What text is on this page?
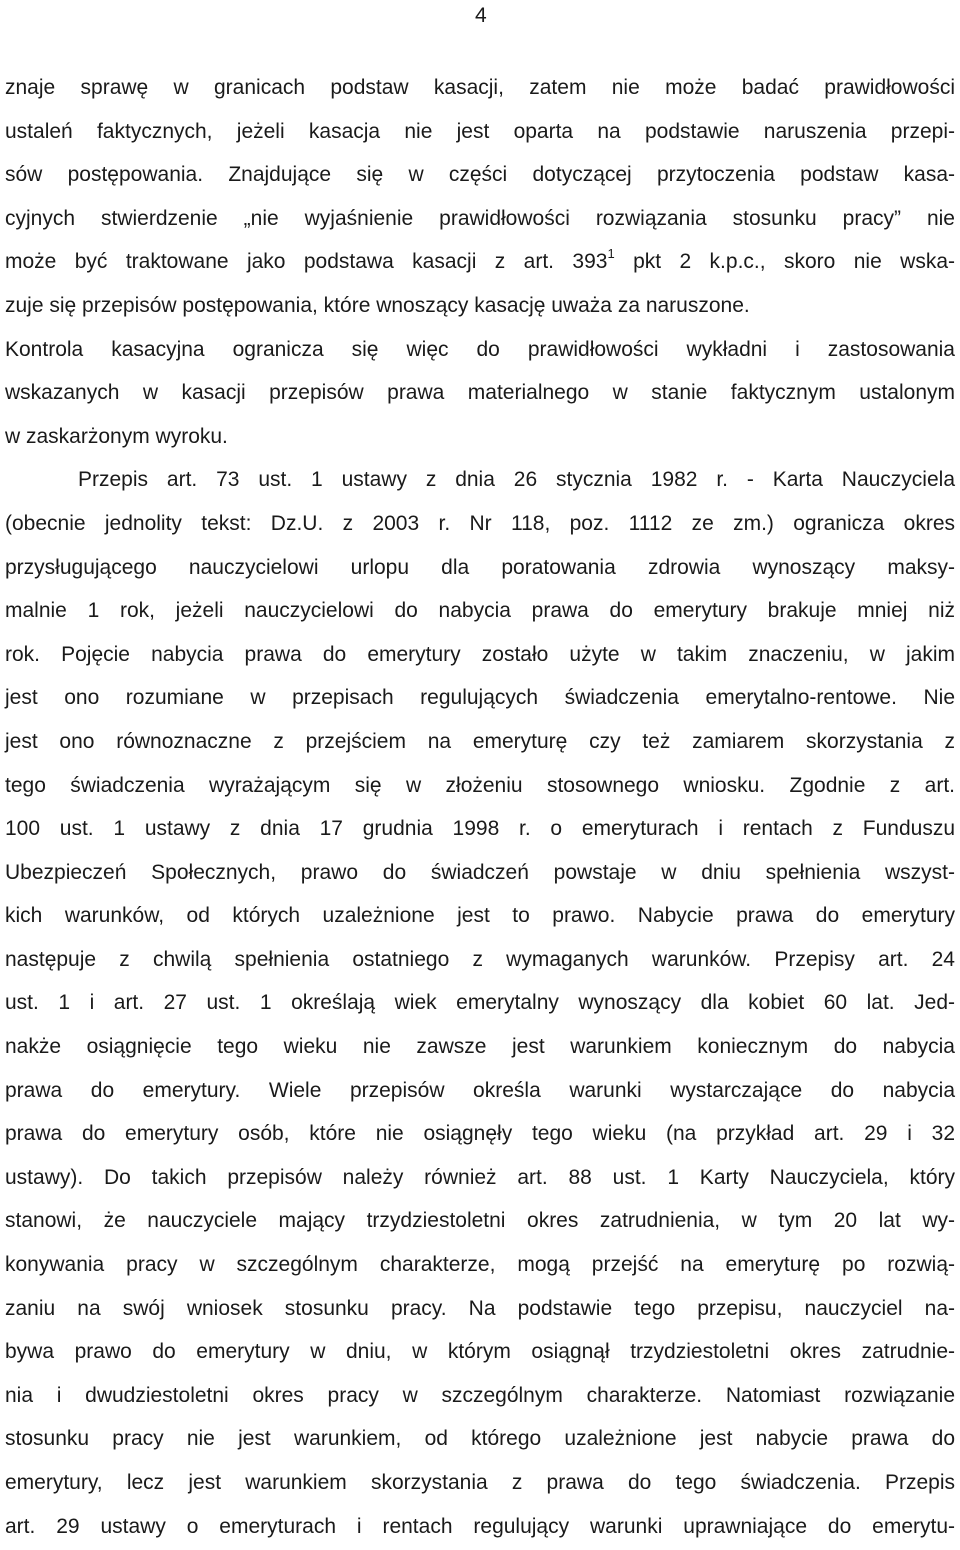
4
znaje sprawę w granicach podstaw kasacji, zatem nie może badać prawidłowości
ustaleń faktycznych, jeżeli kasacja nie jest oparta na podstawie naruszenia przepi-
sów postępowania. Znajdujące się w części dotyczącej przytoczenia podstaw kasa-
cyjnych stwierdzenie „nie wyjaśnienie prawidłowości rozwiązania stosunku pracy” nie
może być traktowane jako podstawa kasacji z art. $393^1$ pkt 2 k.p.c., skoro nie wska-
zuje się przepisów postępowania, które wnoszący kasację uważa za naruszone.
Kontrola kasacyjna ogranicza się więc do prawidłowości wykładni i zastosowania
wskazanych w kasacji przepisów prawa materialnego w stanie faktycznym ustalonym
w zaskarżonym wyroku.
Przepis art. 73 ust. 1 ustawy z dnia 26 stycznia 1982 r. - Karta Nauczyciela
(obecnie jednolity tekst: Dz.U. z 2003 r. Nr 118, poz. 1112 ze zm.) ogranicza okres
przysługującego nauczycielowi urlopu dla poratowania zdrowia wynoszący maksy-
malnie 1 rok, jeżeli nauczycielowi do nabycia prawa do emerytury brakuje mniej niż
rok. Pojęcie nabycia prawa do emerytury zostało użyte w takim znaczeniu, w jakim
jest ono rozumiane w przepisach regulujących świadczenia emerytalno-rentowe. Nie
jest ono równoznaczne z przejściem na emeryturę czy też zamiarem skorzystania z
tego świadczenia wyrażającym się w złożeniu stosownego wniosku. Zgodnie z art.
100 ust. 1 ustawy z dnia 17 grudnia 1998 r. o emeryturach i rentach z Funduszu
Ubezpieczeń Społecznych, prawo do świadczeń powstaje w dniu spełnienia wszyst-
kich warunków, od których uzależnione jest to prawo. Nabycie prawa do emerytury
następuje z chwilą spełnienia ostatniego z wymaganych warunków. Przepisy art. 24
ust. 1 i art. 27 ust. 1 określają wiek emerytalny wynoszący dla kobiet 60 lat. Jed-
nakże osiągnięcie tego wieku nie zawsze jest warunkiem koniecznym do nabycia
prawa do emerytury. Wiele przepisów określa warunki wystarczające do nabycia
prawa do emerytury osób, które nie osiągnęły tego wieku (na przykład art. 29 i 32
ustawy). Do takich przepisów należy również art. 88 ust. 1 Karty Nauczyciela, który
stanowi, że nauczyciele mający trzydziestoletni okres zatrudnienia, w tym 20 lat wy-
konywania pracy w szczególnym charakterze, mogą przejść na emeryturę po rozwią-
zaniu na swój wniosek stosunku pracy. Na podstawie tego przepisu, nauczyciel na-
bywa prawo do emerytury w dniu, w którym osiągnął trzydziestoletni okres zatrudnie-
nia i dwudziestoletni okres pracy w szczególnym charakterze. Natomiast rozwiązanie
stosunku pracy nie jest warunkiem, od którego uzależnione jest nabycie prawa do
emerytury, lecz jest warunkiem skorzystania z prawa do tego świadczenia. Przepis
art. 29 ustawy o emeryturach i rentach regulujący warunki uprawniające do emerytu-
